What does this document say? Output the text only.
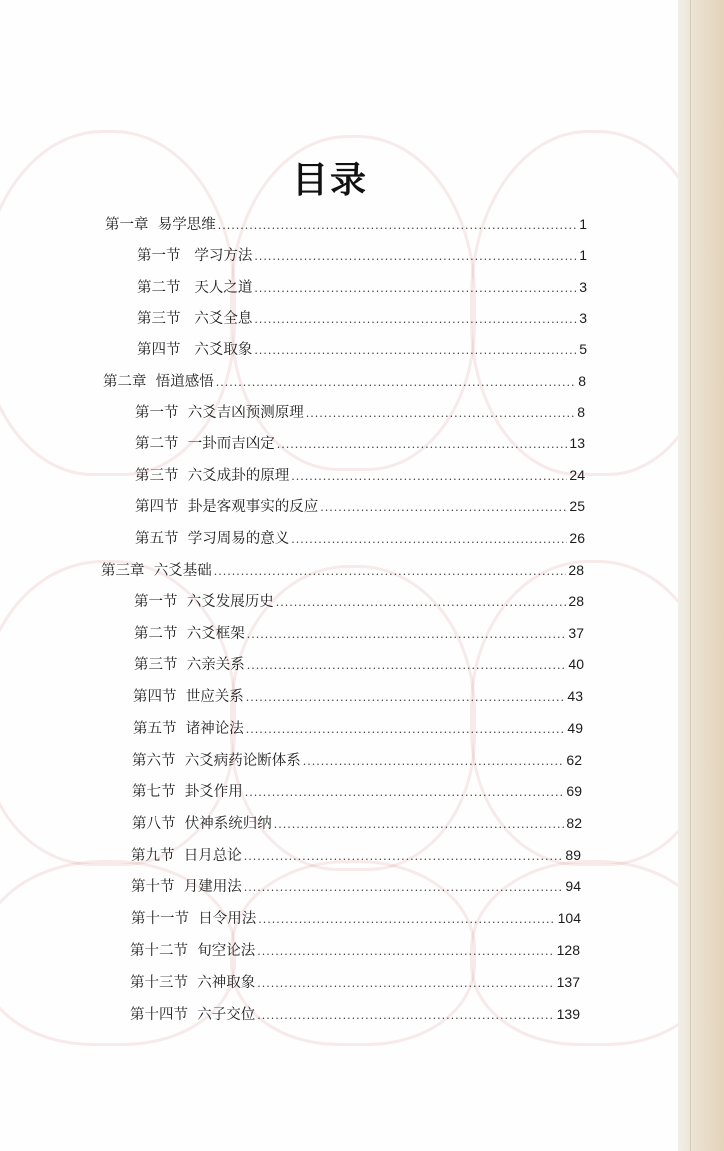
目录
第一章  易学思维 .....	1
第一节   学习方法 .....	1
第二节   天人之道 .....	3
第三节   六爻全息 .....	3
第四节   六爻取象 .....	5
第二章  悟道感悟 .....	8
第一节  六爻吉凶预测原理 .....	8
第二节  一卦而吉凶定 .....	13
第三节  六爻成卦的原理 .....	24
第四节  卦是客观事实的反应 .....	25
第五节  学习周易的意义 .....	26
第三章  六爻基础 .....	28
第一节  六爻发展历史 .....	28
第二节  六爻框架 .....	37
第三节  六亲关系 .....	40
第四节  世应关系 .....	43
第五节  诸神论法 .....	49
第六节  六爻病药论断体系 .....	62
第七节  卦爻作用 .....	69
第八节  伏神系统归纳 .....	82
第九节  日月总论 .....	89
第十节  月建用法 .....	94
第十一节  日令用法 .....	104
第十二节  旬空论法 .....	128
第十三节  六神取象 .....	137
第十四节  六子交位 .....	139
